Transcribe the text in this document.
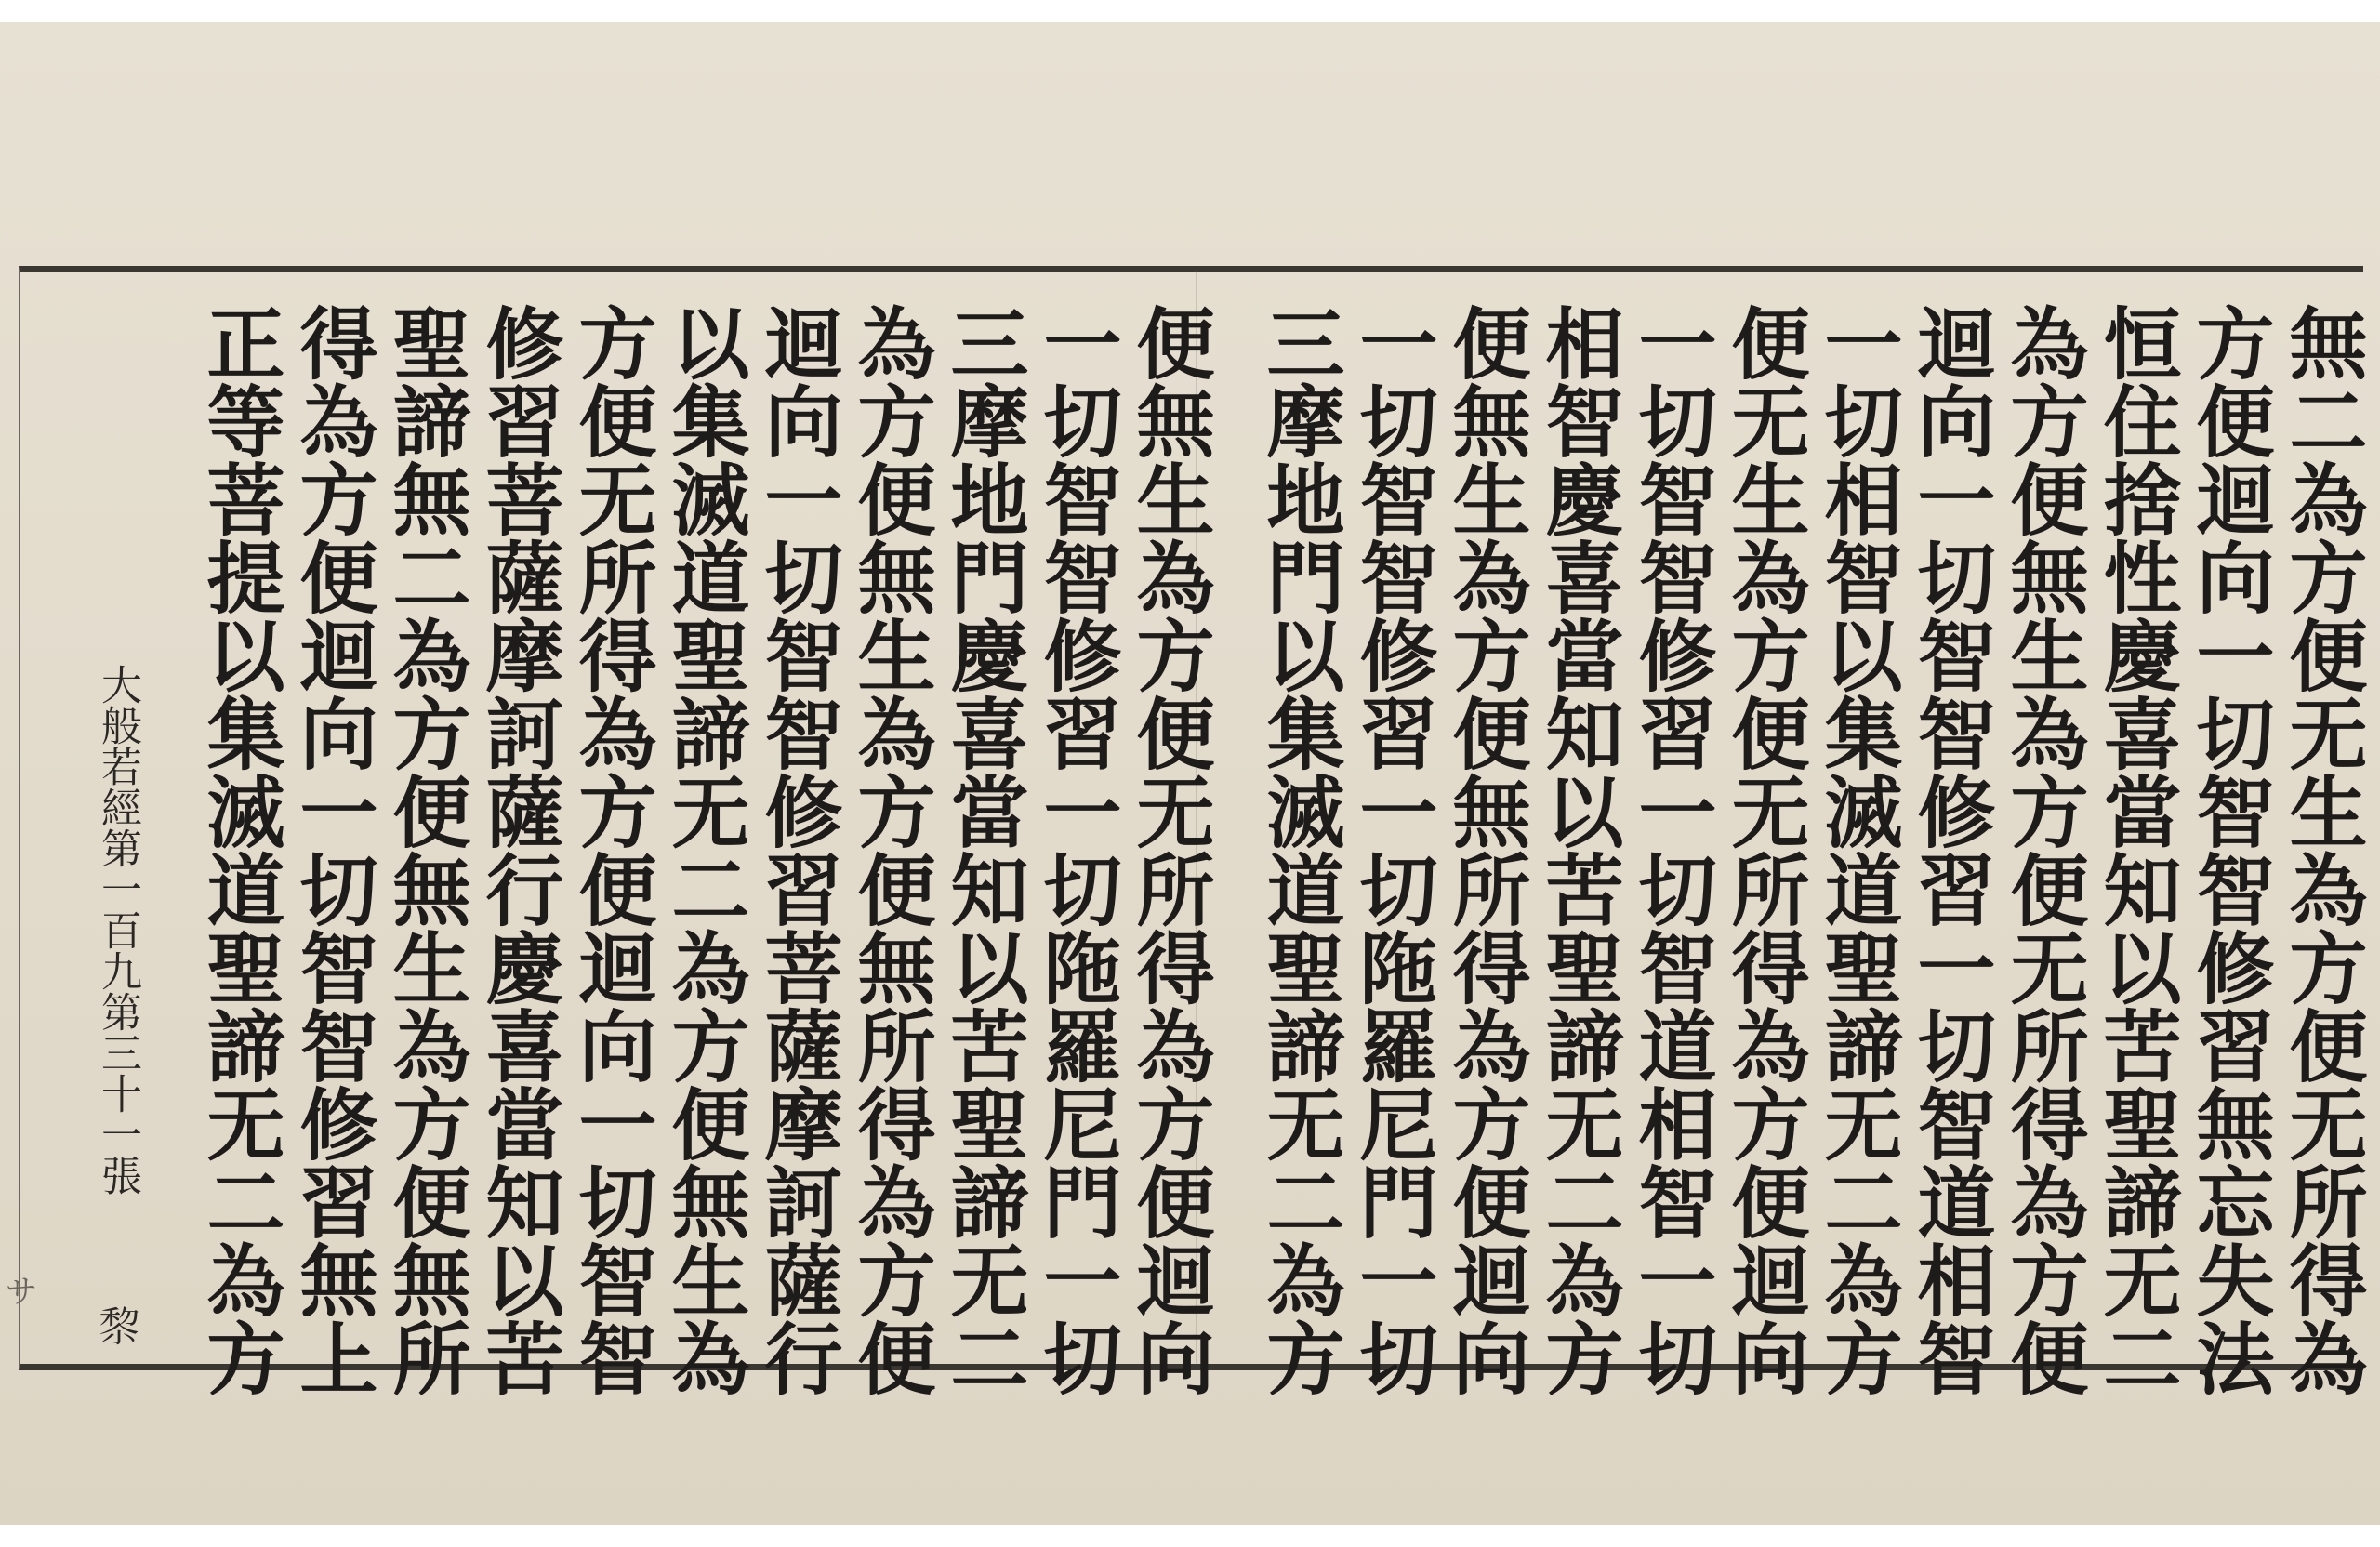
無二為方便无生為方便无所得為
方便迴向一切智智修習無忘失法
恒住捨性慶喜當知以苦聖諦无二
為方便無生為方便无所得為方便
迴向一切智智修習一切智道相智
一切相智以集滅道聖諦无二為方
便无生為方便无所得為方便迴向
一切智智修習一切智道相智一切
相智慶喜當知以苦聖諦无二為方
便無生為方便無所得為方便迴向
一切智智修習一切陁羅尼門一切
三摩地門以集滅道聖諦无二為方
便無生為方便无所得為方便迴向
一切智智修習一切陁羅尼門一切
三摩地門慶喜當知以苦聖諦无二
為方便無生為方便無所得為方便
迴向一切智智修習菩薩摩訶薩行
以集滅道聖諦无二為方便無生為
方便无所得為方便迴向一切智智
修習菩薩摩訶薩行慶喜當知以苦
聖諦無二為方便無生為方便無所
得為方便迴向一切智智修習無上
正等菩提以集滅道聖諦无二為方
大般若經第一百九第三十一張
𥟖
サ
